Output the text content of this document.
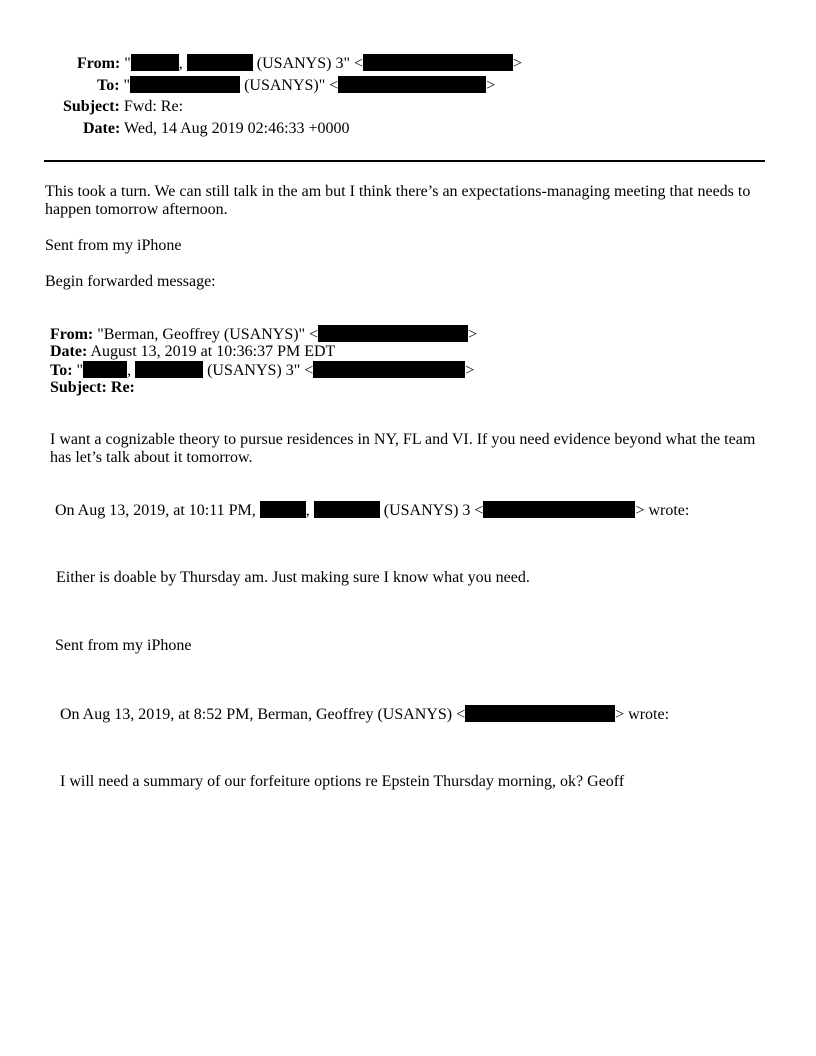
From: "	,	(USANYS) 3" <	>
To: "	(USANYS)" <	>
Subject: Fwd: Re:
Date: Wed, 14 Aug 2019 02:46:33 +0000
This took a turn. We can still talk in the am but I think there’s an expectations-managing meeting that needs to happen tomorrow afternoon.
Sent from my iPhone
Begin forwarded message:
From: "Berman, Geoffrey (USANYS)" <	>
Date: August 13, 2019 at 10:36:37 PM EDT
To: "	,	(USANYS) 3" <	>
Subject: Re:
I want a cognizable theory to pursue residences in NY, FL and VI. If you need evidence beyond what the team has let’s talk about it tomorrow.
On Aug 13, 2019, at 10:11 PM,	,	(USANYS) 3 <	> wrote:
Either is doable by Thursday am. Just making sure I know what you need.
Sent from my iPhone
On Aug 13, 2019, at 8:52 PM, Berman, Geoffrey (USANYS) <	> wrote:
I will need a summary of our forfeiture options re Epstein Thursday morning, ok? Geoff
